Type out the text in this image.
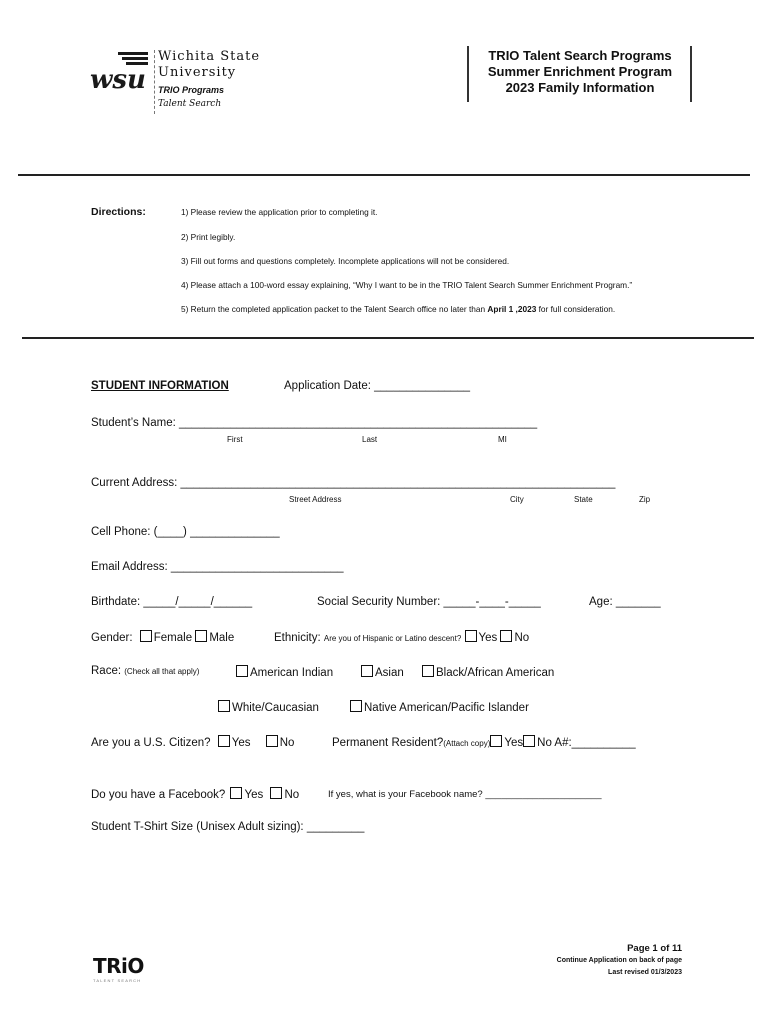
wsu
Wichita State
University
TRIO Programs
Talent Search
TRIO Talent Search Programs
Summer Enrichment Program
2023 Family Information
Directions:	1) Please review the application prior to completing it.
2) Print legibly.
3) Fill out forms and questions completely. Incomplete applications will not be considered.
4) Please attach a 100-word essay explaining, “Why I want to be in the TRIO Talent Search Summer Enrichment Program.”
5) Return the completed application packet to the Talent Search office no later than April 1 ,2023 for full consideration.
STUDENT INFORMATION	Application Date: _______________
Student’s Name: ________________________________________________________
First	Last	MI
Current Address: ____________________________________________________________________
Street Address	City	State	Zip
Cell Phone: (____) ______________
Email Address: ___________________________
Birthdate: _____/_____/______	Social Security Number: _____-____-_____	Age: _______
Gender: Female Male	Ethnicity: Are you of Hispanic or Latino descent? Yes No
Race: (Check all that apply)	American Indian	Asian	Black/African American
White/Caucasian	Native American/Pacific Islander
Are you a U.S. Citizen? Yes	No	Permanent Resident?(Attach copy) Yes No A#:__________
Do you have a Facebook? Yes No	If yes, what is your Facebook name? ______________________
Student T-Shirt Size (Unisex Adult sizing): _________
TRiO
TALENT SEARCH
Page 1 of 11
Continue Application on back of page
Last revised 01/3/2023
